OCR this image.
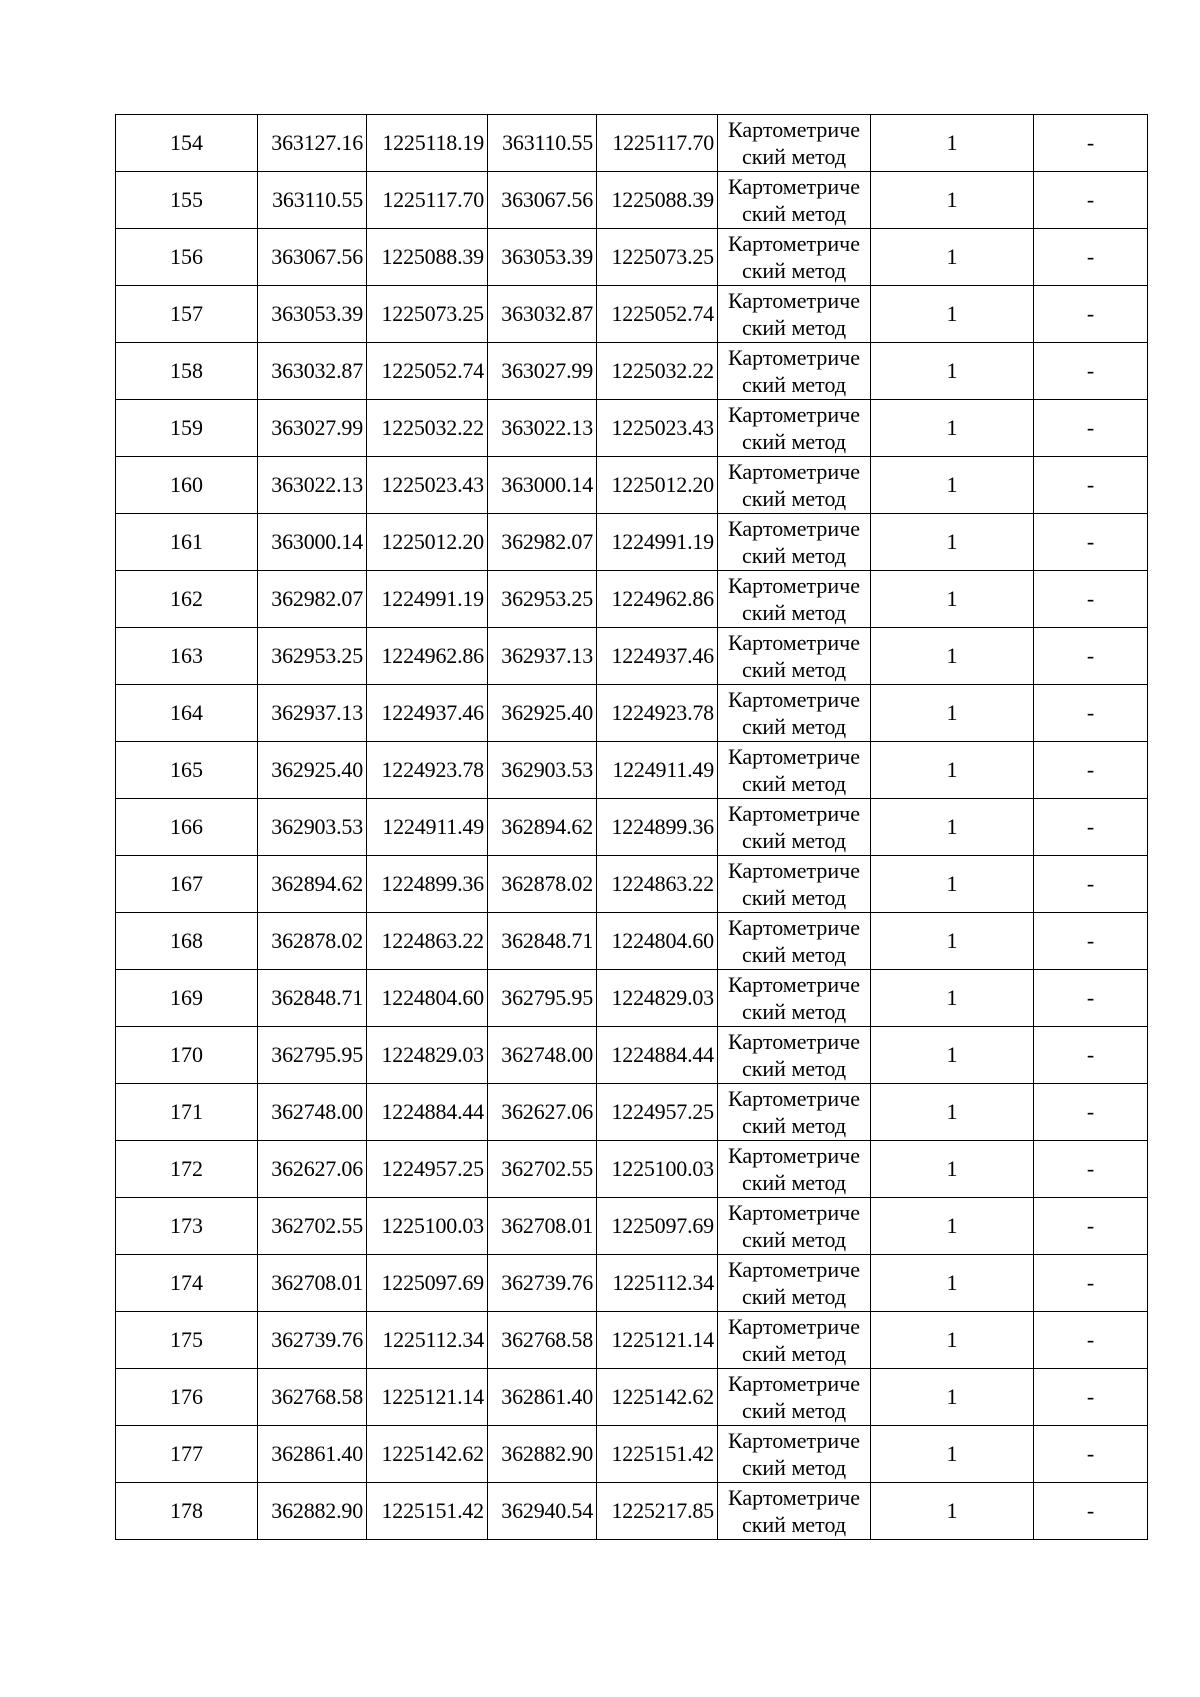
154	363127.16	1225118.19	363110.55	1225117.70	Картометриче
ский метод	1	-
155	363110.55	1225117.70	363067.56	1225088.39	Картометриче
ский метод	1	-
156	363067.56	1225088.39	363053.39	1225073.25	Картометриче
ский метод	1	-
157	363053.39	1225073.25	363032.87	1225052.74	Картометриче
ский метод	1	-
158	363032.87	1225052.74	363027.99	1225032.22	Картометриче
ский метод	1	-
159	363027.99	1225032.22	363022.13	1225023.43	Картометриче
ский метод	1	-
160	363022.13	1225023.43	363000.14	1225012.20	Картометриче
ский метод	1	-
161	363000.14	1225012.20	362982.07	1224991.19	Картометриче
ский метод	1	-
162	362982.07	1224991.19	362953.25	1224962.86	Картометриче
ский метод	1	-
163	362953.25	1224962.86	362937.13	1224937.46	Картометриче
ский метод	1	-
164	362937.13	1224937.46	362925.40	1224923.78	Картометриче
ский метод	1	-
165	362925.40	1224923.78	362903.53	1224911.49	Картометриче
ский метод	1	-
166	362903.53	1224911.49	362894.62	1224899.36	Картометриче
ский метод	1	-
167	362894.62	1224899.36	362878.02	1224863.22	Картометриче
ский метод	1	-
168	362878.02	1224863.22	362848.71	1224804.60	Картометриче
ский метод	1	-
169	362848.71	1224804.60	362795.95	1224829.03	Картометриче
ский метод	1	-
170	362795.95	1224829.03	362748.00	1224884.44	Картометриче
ский метод	1	-
171	362748.00	1224884.44	362627.06	1224957.25	Картометриче
ский метод	1	-
172	362627.06	1224957.25	362702.55	1225100.03	Картометриче
ский метод	1	-
173	362702.55	1225100.03	362708.01	1225097.69	Картометриче
ский метод	1	-
174	362708.01	1225097.69	362739.76	1225112.34	Картометриче
ский метод	1	-
175	362739.76	1225112.34	362768.58	1225121.14	Картометриче
ский метод	1	-
176	362768.58	1225121.14	362861.40	1225142.62	Картометриче
ский метод	1	-
177	362861.40	1225142.62	362882.90	1225151.42	Картометриче
ский метод	1	-
178	362882.90	1225151.42	362940.54	1225217.85	Картометриче
ский метод	1	-
